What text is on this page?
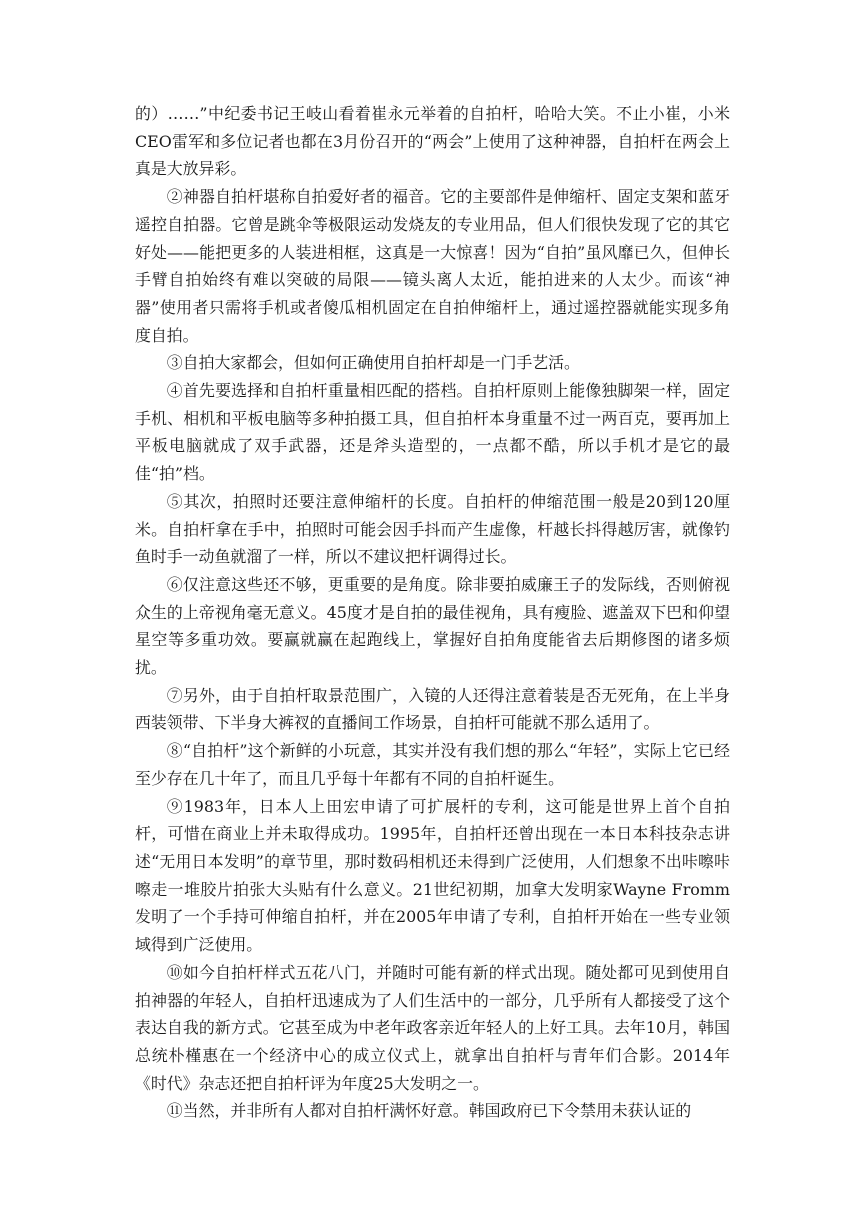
的）……”中纪委书记王岐山看着崔永元举着的自拍杆，哈哈大笑。不止小崔，小米CEO雷军和多位记者也都在3月份召开的“两会”上使用了这种神器，自拍杆在两会上真是大放异彩。

②神器自拍杆堪称自拍爱好者的福音。它的主要部件是伸缩杆、固定支架和蓝牙遥控自拍器。它曾是跳伞等极限运动发烧友的专业用品，但人们很快发现了它的其它好处——能把更多的人装进相框，这真是一大惊喜！因为“自拍”虽风靡已久，但伸长手臂自拍始终有难以突破的局限——镜头离人太近，能拍进来的人太少。而该“神器”使用者只需将手机或者傻瓜相机固定在自拍伸缩杆上，通过遥控器就能实现多角度自拍。

③自拍大家都会，但如何正确使用自拍杆却是一门手艺活。

④首先要选择和自拍杆重量相匹配的搭档。自拍杆原则上能像独脚架一样，固定手机、相机和平板电脑等多种拍摄工具，但自拍杆本身重量不过一两百克，要再加上平板电脑就成了双手武器，还是斧头造型的，一点都不酷，所以手机才是它的最佳“拍”档。

⑤其次，拍照时还要注意伸缩杆的长度。自拍杆的伸缩范围一般是20到120厘米。自拍杆拿在手中，拍照时可能会因手抖而产生虚像，杆越长抖得越厉害，就像钓鱼时手一动鱼就溜了一样，所以不建议把杆调得过长。

⑥仅注意这些还不够，更重要的是角度。除非要拍威廉王子的发际线，否则俯视众生的上帝视角毫无意义。45度才是自拍的最佳视角，具有瘦脸、遮盖双下巴和仰望星空等多重功效。要赢就赢在起跑线上，掌握好自拍角度能省去后期修图的诸多烦扰。

⑦另外，由于自拍杆取景范围广，入镜的人还得注意着装是否无死角，在上半身西装领带、下半身大裤衩的直播间工作场景，自拍杆可能就不那么适用了。

⑧“自拍杆”这个新鲜的小玩意，其实并没有我们想的那么“年轻”，实际上它已经至少存在几十年了，而且几乎每十年都有不同的自拍杆诞生。

⑨1983年，日本人上田宏申请了可扩展杆的专利，这可能是世界上首个自拍杆，可惜在商业上并未取得成功。1995年，自拍杆还曾出现在一本日本科技杂志讲述“无用日本发明”的章节里，那时数码相机还未得到广泛使用，人们想象不出咔嚓咔嚓走一堆胶片拍张大头贴有什么意义。21世纪初期，加拿大发明家Wayne Fromm发明了一个手持可伸缩自拍杆，并在2005年申请了专利，自拍杆开始在一些专业领域得到广泛使用。

⑩如今自拍杆样式五花八门，并随时可能有新的样式出现。随处都可见到使用自拍神器的年轻人，自拍杆迅速成为了人们生活中的一部分，几乎所有人都接受了这个表达自我的新方式。它甚至成为中老年政客亲近年轻人的上好工具。去年10月，韩国总统朴槿惠在一个经济中心的成立仪式上，就拿出自拍杆与青年们合影。2014年《时代》杂志还把自拍杆评为年度25大发明之一。

⑪当然，并非所有人都对自拍杆满怀好意。韩国政府已下令禁用未获认证的
